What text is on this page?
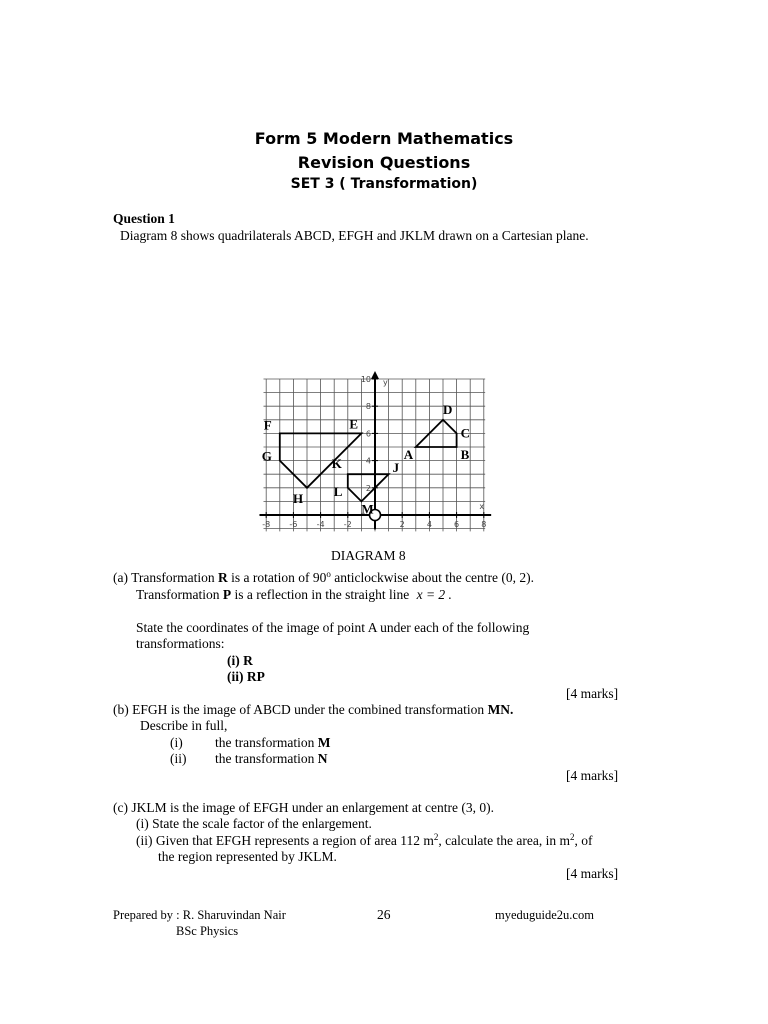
Form 5 Modern Mathematics
Revision Questions
SET 3 ( Transformation)
Question 1
Diagram 8 shows quadrilaterals ABCD, EFGH and JKLM drawn on a Cartesian plane.
-8 -6 -4 -2	2	4	6	8
2
4
6
8
10
x
y
A	B
C
D
E
F
G
H
J
K
L
M
DIAGRAM 8
(a) Transformation R is a rotation of 90$^o$ anticlockwise about the centre (0, 2).
Transformation P is a reflection in the straight line x = 2 .
State the coordinates of the image of point A under each of the following
transformations:
(i) R
(ii) RP
[4 marks]
(b) EFGH is the image of ABCD under the combined transformation MN.
Describe in full,
(i) the transformation M
(ii) the transformation N
[4 marks]
(c) JKLM is the image of EFGH under an enlargement at centre (3, 0).
(i) State the scale factor of the enlargement.
(ii) Given that EFGH represents a region of area 112 $m^2$, calculate the area, in $m^2$, of
the region represented by JKLM.
[4 marks]
Prepared by : R. Sharuvindan Nair
BSc Physics
26	myeduguide2u.com
